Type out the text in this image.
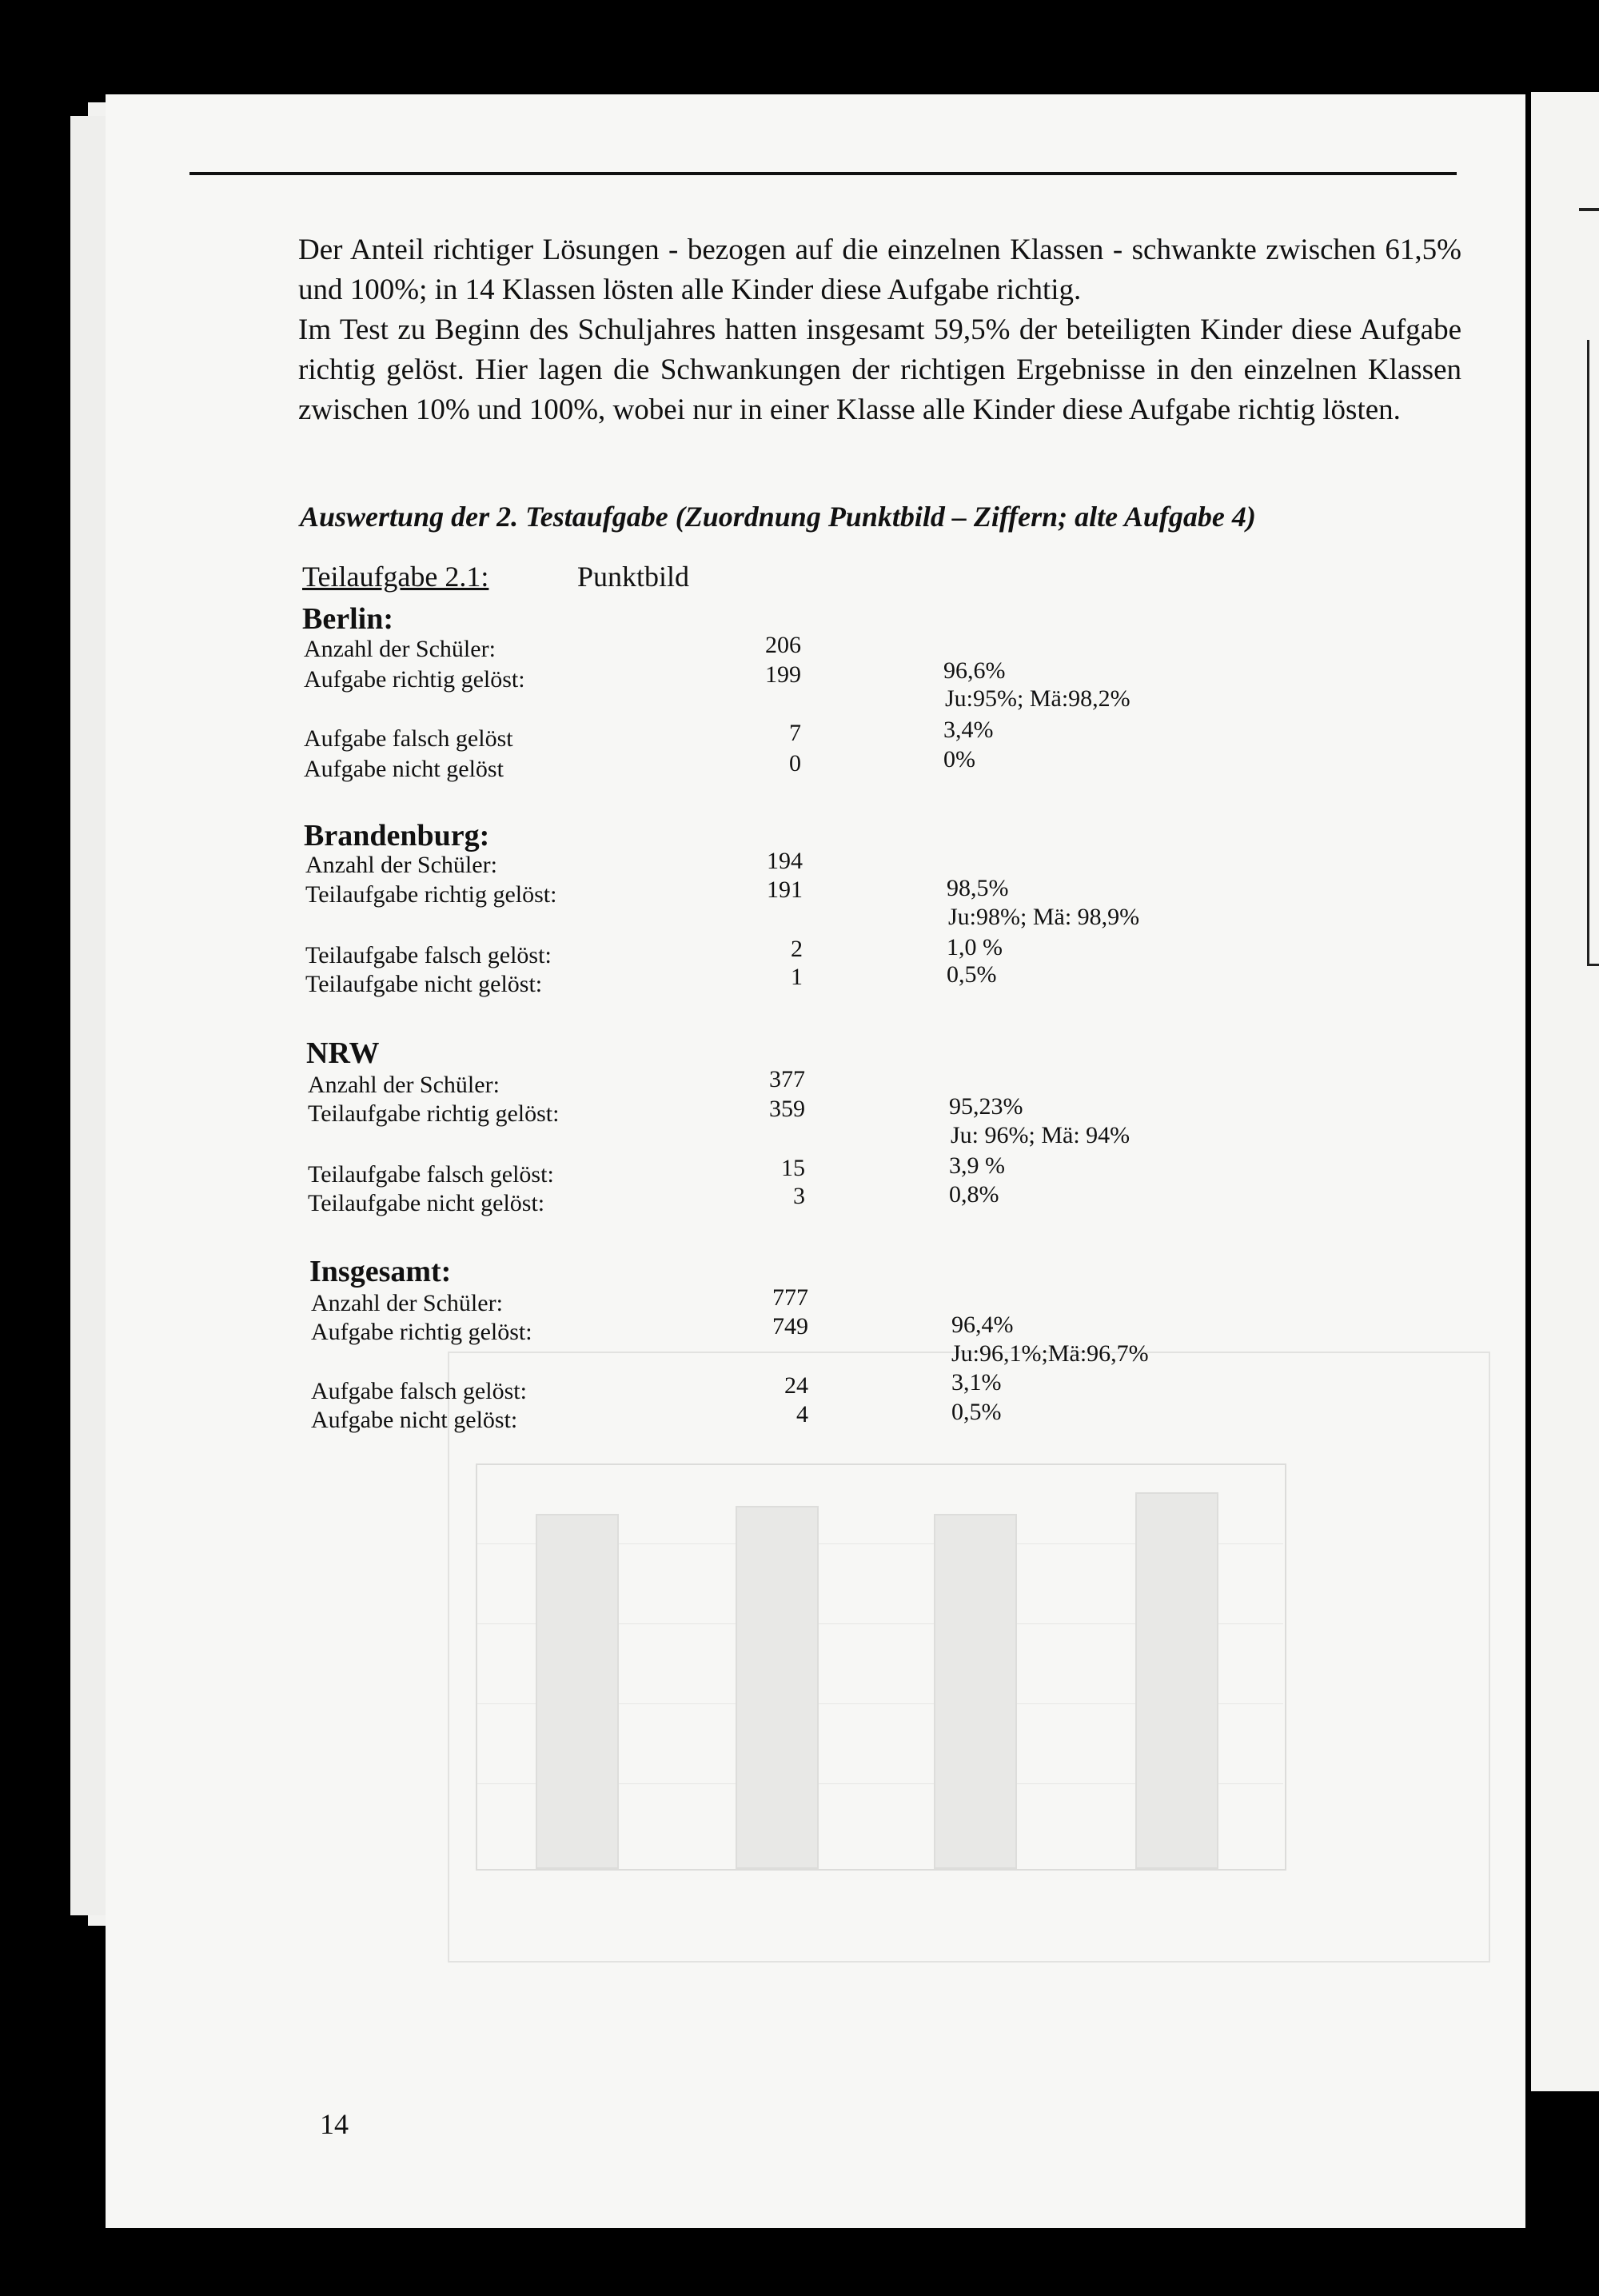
Der Anteil richtiger Lösungen - bezogen auf die einzelnen Klassen - schwankte zwischen 61,5% und 100%; in 14 Klassen lösten alle Kinder diese Aufgabe richtig.

Im Test zu Beginn des Schuljahres hatten insgesamt 59,5% der beteiligten Kinder diese Aufgabe richtig gelöst. Hier lagen die Schwankungen der richtigen Ergebnisse in den einzelnen Klassen zwischen 10% und 100%, wobei nur in einer Klasse alle Kinder diese Aufgabe richtig lösten.

Auswertung der 2. Testaufgabe (Zuordnung Punktbild – Ziffern; alte Aufgabe 4)
Teilaufgabe 2.1:	Punktbild
Berlin:
Anzahl der Schüler:	206
Aufgabe richtig gelöst:	199	96,6%
Ju:95%; Mä:98,2%
Aufgabe falsch gelöst	7	3,4%
Aufgabe nicht gelöst	0	0%
Brandenburg:
Anzahl der Schüler:	194
Teilaufgabe richtig gelöst:	191	98,5%
Ju:98%; Mä: 98,9%
Teilaufgabe falsch gelöst:	2	1,0 %
Teilaufgabe nicht gelöst:	1	0,5%
NRW
Anzahl der Schüler:	377
Teilaufgabe richtig gelöst:	359	95,23%
Ju: 96%; Mä: 94%
Teilaufgabe falsch gelöst:	15	3,9 %
Teilaufgabe nicht gelöst:	3	0,8%
Insgesamt:
Anzahl der Schüler:	777
Aufgabe richtig gelöst:	749	96,4%
Ju:96,1%;Mä:96,7%
Aufgabe falsch gelöst:	24	3,1%
Aufgabe nicht gelöst:	4	0,5%
14
